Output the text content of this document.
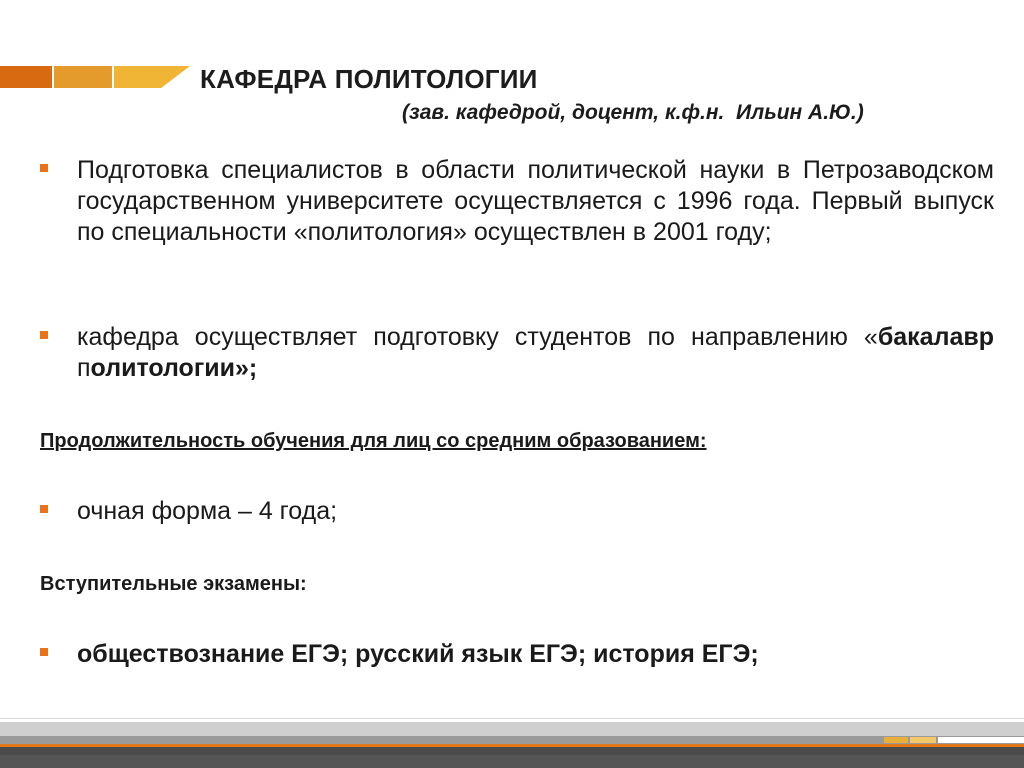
КАФЕДРА ПОЛИТОЛОГИИ

(зав. кафедрой, доцент, к.ф.н.  Ильин А.Ю.)

Подготовка специалистов в области политической науки в Петрозаводском государственном университете осуществляется с 1996 года. Первый выпуск по специальности «политология» осуществлен в 2001 году;

кафедра осуществляет подготовку студентов по направлению «бакалавр политологии»;

Продолжительность обучения для лиц со средним образованием:

очная форма – 4 года;

Вступительные экзамены:

обществознание ЕГЭ; русский язык ЕГЭ; история ЕГЭ;
